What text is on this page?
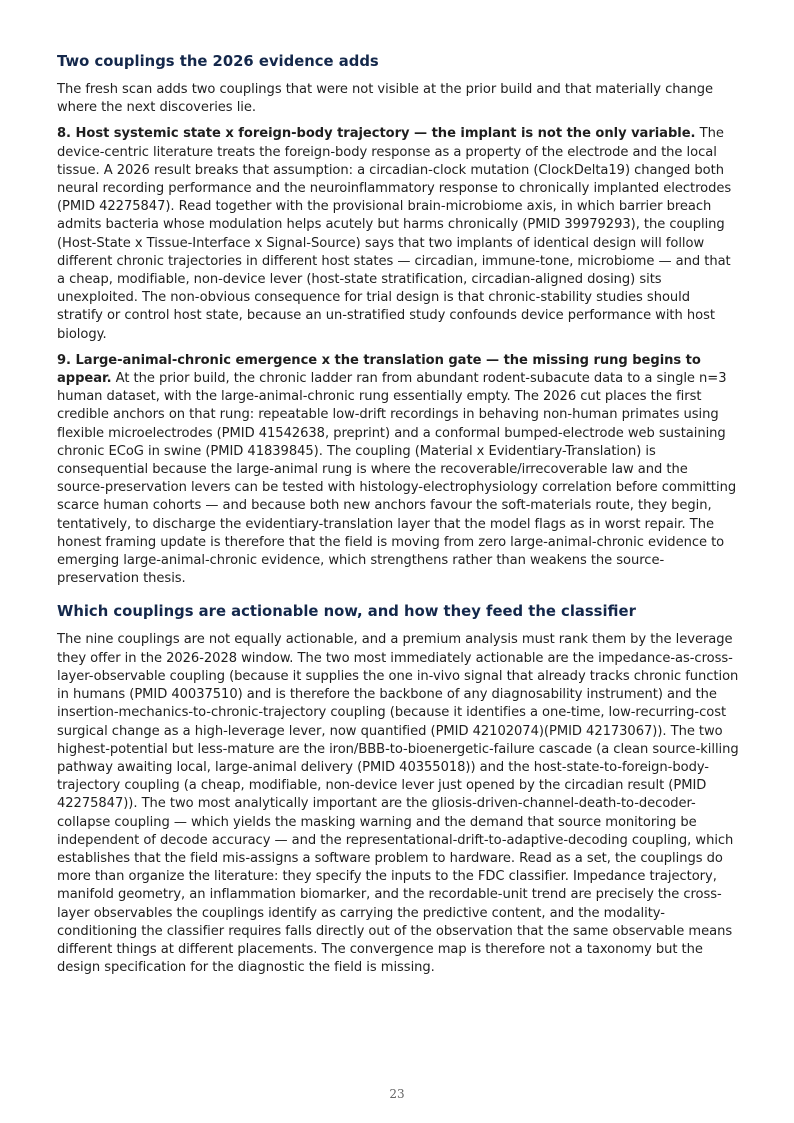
Two couplings the 2026 evidence adds

The fresh scan adds two couplings that were not visible at the prior build and that materially change where the next discoveries lie.

8. Host systemic state x foreign-body trajectory — the implant is not the only variable. The device-centric literature treats the foreign-body response as a property of the electrode and the local tissue. A 2026 result breaks that assumption: a circadian-clock mutation (ClockDelta19) changed both neural recording performance and the neuroinflammatory response to chronically implanted electrodes (PMID 42275847). Read together with the provisional brain-microbiome axis, in which barrier breach admits bacteria whose modulation helps acutely but harms chronically (PMID 39979293), the coupling (Host-State x Tissue-Interface x Signal-Source) says that two implants of identical design will follow different chronic trajectories in different host states — circadian, immune-tone, microbiome — and that a cheap, modifiable, non-device lever (host-state stratification, circadian-aligned dosing) sits unexploited. The non-obvious consequence for trial design is that chronic-stability studies should stratify or control host state, because an un-stratified study confounds device performance with host biology.

9. Large-animal-chronic emergence x the translation gate — the missing rung begins to appear. At the prior build, the chronic ladder ran from abundant rodent-subacute data to a single n=3 human dataset, with the large-animal-chronic rung essentially empty. The 2026 cut places the first credible anchors on that rung: repeatable low-drift recordings in behaving non-human primates using flexible microelectrodes (PMID 41542638, preprint) and a conformal bumped-electrode web sustaining chronic ECoG in swine (PMID 41839845). The coupling (Material x Evidentiary-Translation) is consequential because the large-animal rung is where the recoverable/​irrecoverable law and the source-preservation levers can be tested with histology-electrophysiology correlation before committing scarce human cohorts — and because both new anchors favour the soft-materials route, they begin, tentatively, to discharge the evidentiary-translation layer that the model flags as in worst repair. The honest framing update is therefore that the field is moving from zero large-animal-chronic evidence to emerging large-animal-chronic evidence, which strengthens rather than weakens the source-preservation thesis.

Which couplings are actionable now, and how they feed the classifier

The nine couplings are not equally actionable, and a premium analysis must rank them by the leverage they offer in the 2026-2028 window. The two most immediately actionable are the impedance-as-cross-layer-observable coupling (because it supplies the one in-vivo signal that already tracks chronic function in humans (PMID 40037510) and is therefore the backbone of any diagnosability instrument) and the insertion-mechanics-to-chronic-trajectory coupling (because it identifies a one-time, low-recurring-cost surgical change as a high-leverage lever, now quantified (PMID 42102074)(PMID 42173067)). The two highest-potential but less-mature are the iron/BBB-to-bioenergetic-failure cascade (a clean source-killing pathway awaiting local, large-animal delivery (PMID 40355018)) and the host-state-to-foreign-body-trajectory coupling (a cheap, modifiable, non-device lever just opened by the circadian result (PMID 42275847)). The two most analytically important are the gliosis-driven-channel-death-to-decoder-collapse coupling — which yields the masking warning and the demand that source monitoring be independent of decode accuracy — and the representational-drift-to-adaptive-decoding coupling, which establishes that the field mis-assigns a software problem to hardware. Read as a set, the couplings do more than organize the literature: they specify the inputs to the FDC classifier. Impedance trajectory, manifold geometry, an inflammation biomarker, and the recordable-unit trend are precisely the cross-layer observables the couplings identify as carrying the predictive content, and the modality-conditioning the classifier requires falls directly out of the observation that the same observable means different things at different placements. The convergence map is therefore not a taxonomy but the design specification for the diagnostic the field is missing.

23
